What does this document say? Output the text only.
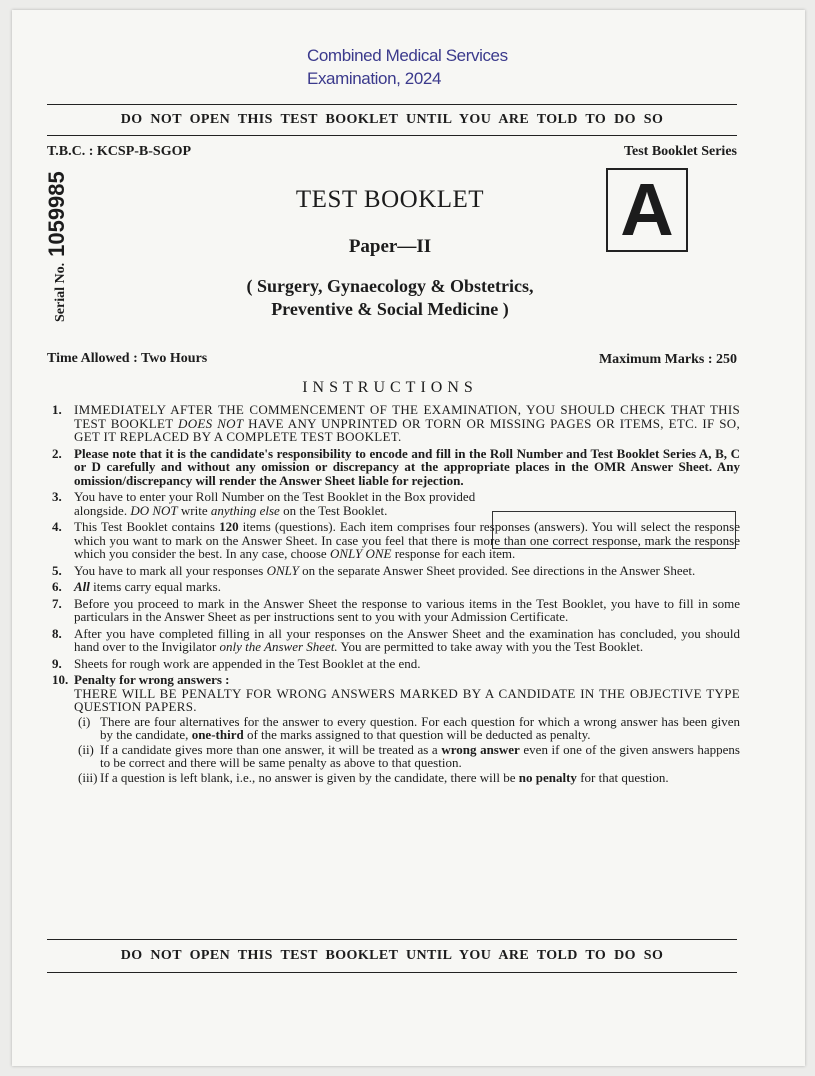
Combined Medical Services
Examination, 2024
DO NOT OPEN THIS TEST BOOKLET UNTIL YOU ARE TOLD TO DO SO
T.B.C. : KCSP-B-SGOP	Test Booklet Series
A
Serial No.1059985	TEST BOOKLET
Paper—II
( Surgery, Gynaecology & Obstetrics,
Preventive & Social Medicine )
Time Allowed : Two Hours	Maximum Marks : 250
INSTRUCTIONS
1. IMMEDIATELY AFTER THE COMMENCEMENT OF THE EXAMINATION, YOU SHOULD CHECK THAT THIS TEST BOOKLET DOES NOT HAVE ANY UNPRINTED OR TORN OR MISSING PAGES OR ITEMS, ETC. IF SO, GET IT REPLACED BY A COMPLETE TEST BOOKLET.
2. Please note that it is the candidate's responsibility to encode and fill in the Roll Number and Test Booklet Series A, B, C or D carefully and without any omission or discrepancy at the appropriate places in the OMR Answer Sheet. Any omission/discrepancy will render the Answer Sheet liable for rejection.
3. You have to enter your Roll Number on the Test Booklet in the Box provided alongside. DO NOT write anything else on the Test Booklet.
4. This Test Booklet contains 120 items (questions). Each item comprises four responses (answers). You will select the response which you want to mark on the Answer Sheet. In case you feel that there is more than one correct response, mark the response which you consider the best. In any case, choose ONLY ONE response for each item.
5. You have to mark all your responses ONLY on the separate Answer Sheet provided. See directions in the Answer Sheet.
6. All items carry equal marks.
7. Before you proceed to mark in the Answer Sheet the response to various items in the Test Booklet, you have to fill in some particulars in the Answer Sheet as per instructions sent to you with your Admission Certificate.
8. After you have completed filling in all your responses on the Answer Sheet and the examination has concluded, you should hand over to the Invigilator only the Answer Sheet. You are permitted to take away with you the Test Booklet.
9. Sheets for rough work are appended in the Test Booklet at the end.
10. Penalty for wrong answers :
THERE WILL BE PENALTY FOR WRONG ANSWERS MARKED BY A CANDIDATE IN THE OBJECTIVE TYPE QUESTION PAPERS.
(i) There are four alternatives for the answer to every question. For each question for which a wrong answer has been given by the candidate, one-third of the marks assigned to that question will be deducted as penalty.
(ii) If a candidate gives more than one answer, it will be treated as a wrong answer even if one of the given answers happens to be correct and there will be same penalty as above to that question.
(iii) If a question is left blank, i.e., no answer is given by the candidate, there will be no penalty for that question.
DO NOT OPEN THIS TEST BOOKLET UNTIL YOU ARE TOLD TO DO SO
